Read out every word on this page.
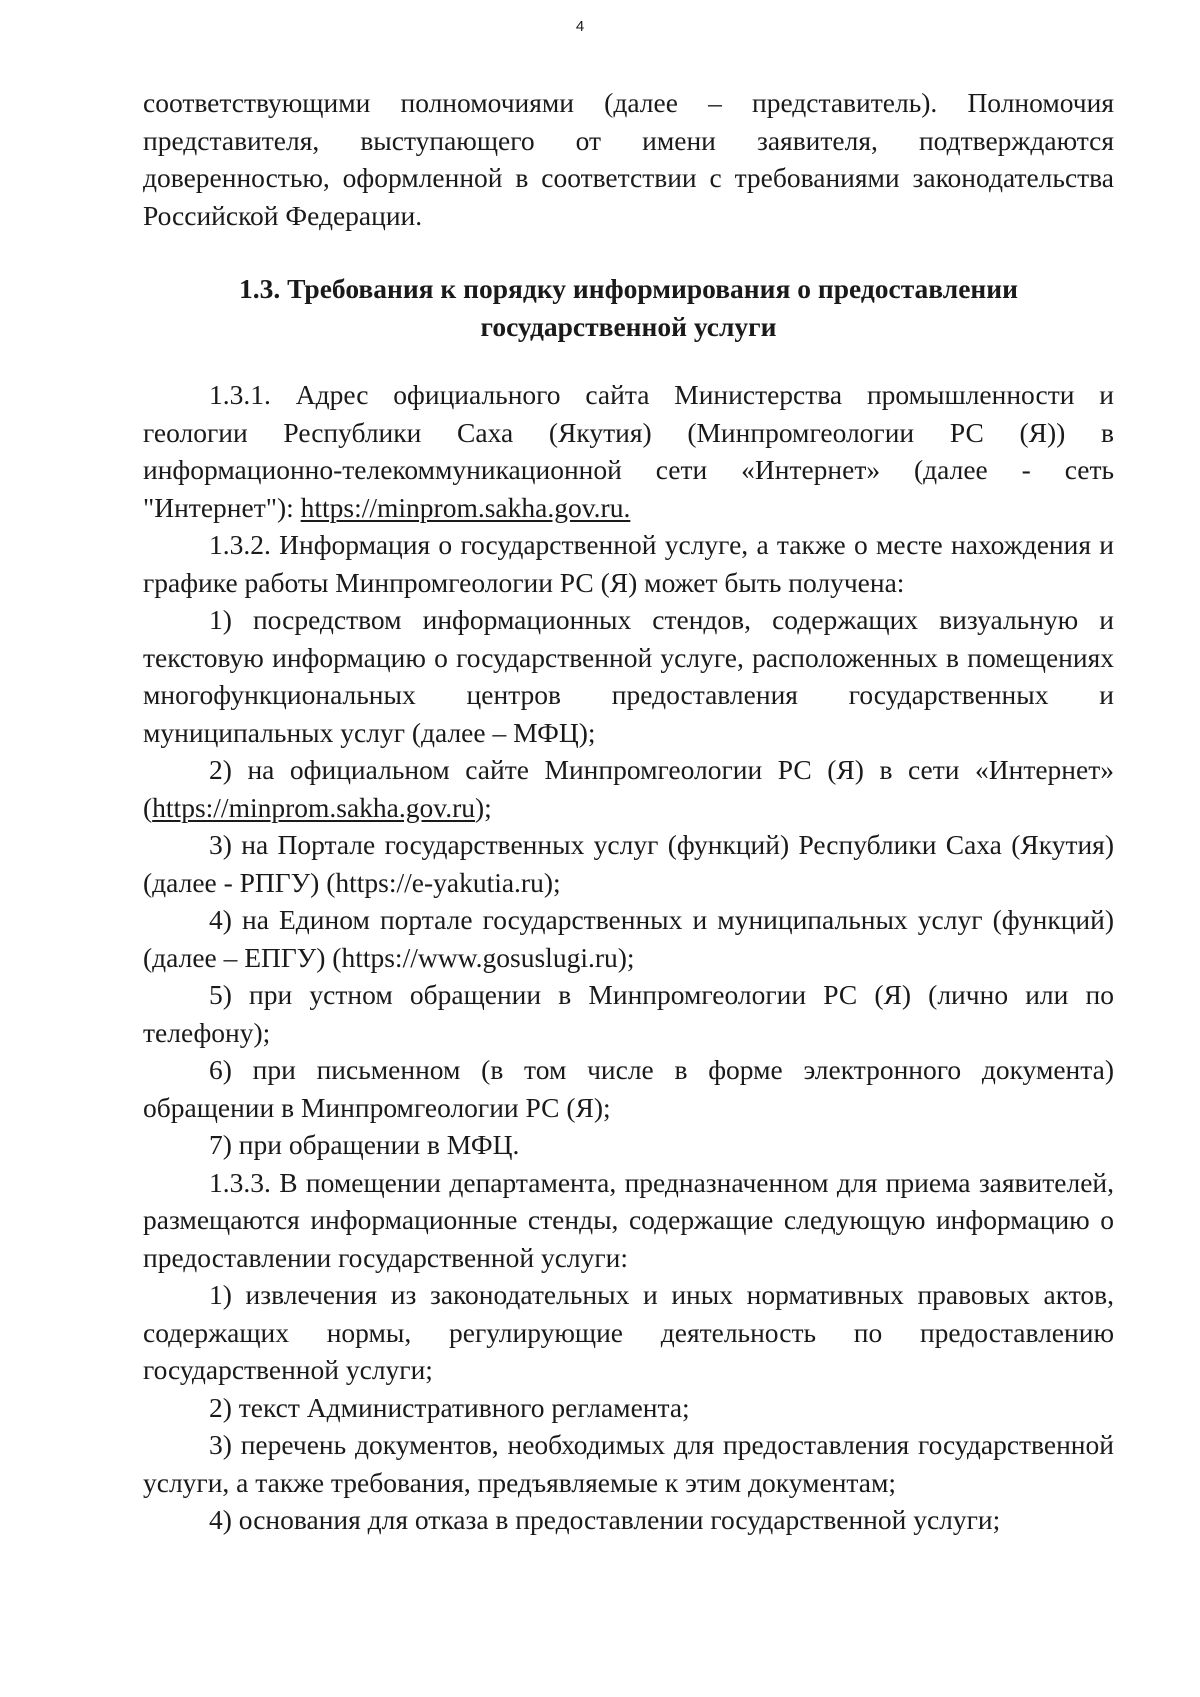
4

соответствующими полномочиями (далее – представитель). Полномочия представителя, выступающего от имени заявителя, подтверждаются доверенностью, оформленной в соответствии с требованиями законодательства Российской Федерации.

1.3. Требования к порядку информирования о предоставлении
государственной услуги

1.3.1. Адрес официального сайта Министерства промышленности и геологии Республики Саха (Якутия) (Минпромгеологии РС (Я)) в информационно-телекоммуникационной сети «Интернет» (далее - сеть "Интернет"): https://minprom.sakha.gov.ru.

1.3.2. Информация о государственной услуге, а также о месте нахождения и графике работы Минпромгеологии РС (Я) может быть получена:

1) посредством информационных стендов, содержащих визуальную и текстовую информацию о государственной услуге, расположенных в помещениях многофункциональных центров предоставления государственных и муниципальных услуг (далее – МФЦ);

2) на официальном сайте Минпромгеологии РС (Я) в сети «Интернет» (https://minprom.sakha.gov.ru);

3) на Портале государственных услуг (функций) Республики Саха (Якутия) (далее - РПГУ) (https://e-yakutia.ru);

4) на Едином портале государственных и муниципальных услуг (функций) (далее – ЕПГУ) (https://www.gosuslugi.ru);

5) при устном обращении в Минпромгеологии РС (Я) (лично или по телефону);

6) при письменном (в том числе в форме электронного документа) обращении в Минпромгеологии РС (Я);

7) при обращении в МФЦ.

1.3.3. В помещении департамента, предназначенном для приема заявителей, размещаются информационные стенды, содержащие следующую информацию о предоставлении государственной услуги:

1) извлечения из законодательных и иных нормативных правовых актов, содержащих нормы, регулирующие деятельность по предоставлению государственной услуги;

2) текст Административного регламента;

3) перечень документов, необходимых для предоставления государственной услуги, а также требования, предъявляемые к этим документам;

4) основания для отказа в предоставлении государственной услуги;
